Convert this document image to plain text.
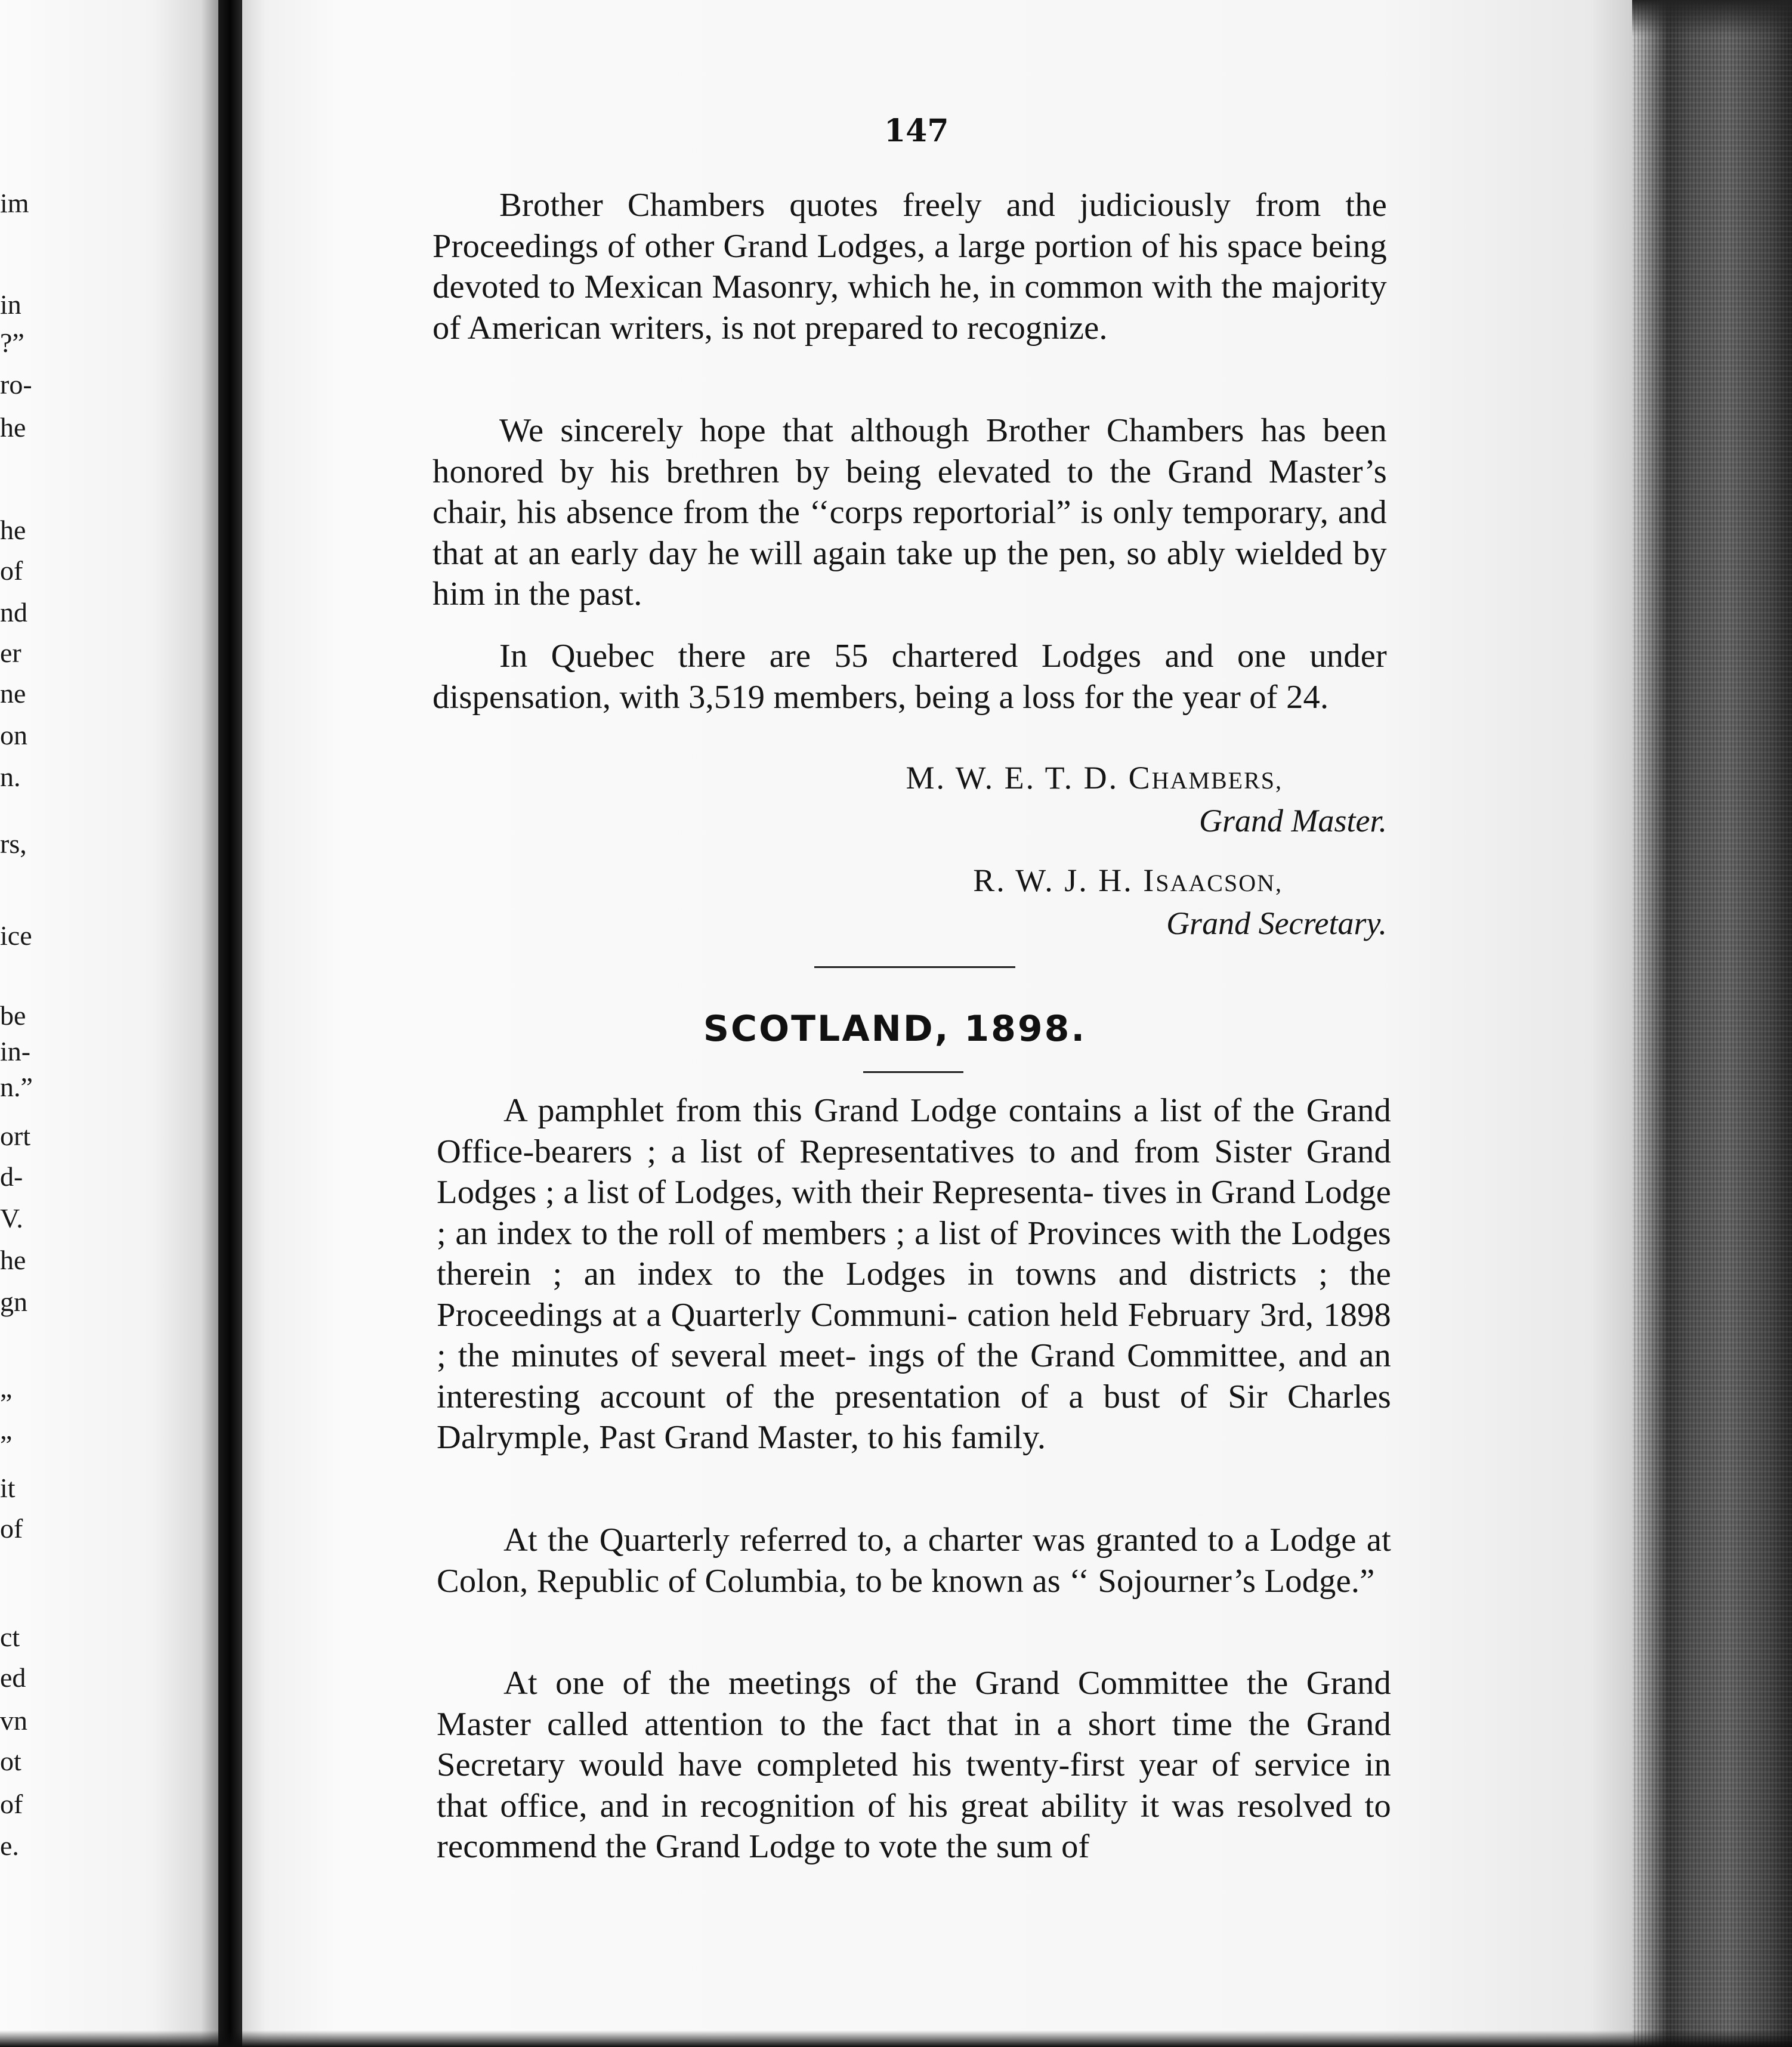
im
in
?”
ro-
he
he
of
nd
er
ne
on
n.
rs,
ice
be
in-
n.”
ort
d-
V.
he
gn
”
”
it
of
ct
ed
vn
ot
of
e.
147

Brother Chambers quotes freely and judiciously from the Proceedings of other Grand Lodges, a large portion of his space being devoted to Mexican Masonry, which he, in common with the majority of American writers, is not prepared to recognize.

We sincerely hope that although Brother Chambers has been honored by his brethren by being elevated to the Grand Master’s chair, his absence from the ‘‘corps reportorial” is only temporary, and that at an early day he will again take up the pen, so ably wielded by him in the past.

In Quebec there are 55 chartered Lodges and one under dispensation, with 3,519 members, being a loss for the year of 24.

M. W. E. T. D. CHAMBERS,
Grand Master.
R. W. J. H. ISAACSON,
Grand Secretary.
SCOTLAND, 1898.

A pamphlet from this Grand Lodge contains a list of the Grand Office-bearers ; a list of Representatives to and from Sister Grand Lodges ; a list of Lodges, with their Representa- tives in Grand Lodge ; an index to the roll of members ; a list of Provinces with the Lodges therein ; an index to the Lodges in towns and districts ; the Proceedings at a Quarterly Communi- cation held February 3rd, 1898 ; the minutes of several meet- ings of the Grand Committee, and an interesting account of the presentation of a bust of Sir Charles Dalrymple, Past Grand Master, to his family.

At the Quarterly referred to, a charter was granted to a Lodge at Colon, Republic of Columbia, to be known as ‘‘ Sojourner’s Lodge.”

At one of the meetings of the Grand Committee the Grand Master called attention to the fact that in a short time the Grand Secretary would have completed his twenty-first year of service in that office, and in recognition of his great ability it was resolved to recommend the Grand Lodge to vote the sum of
